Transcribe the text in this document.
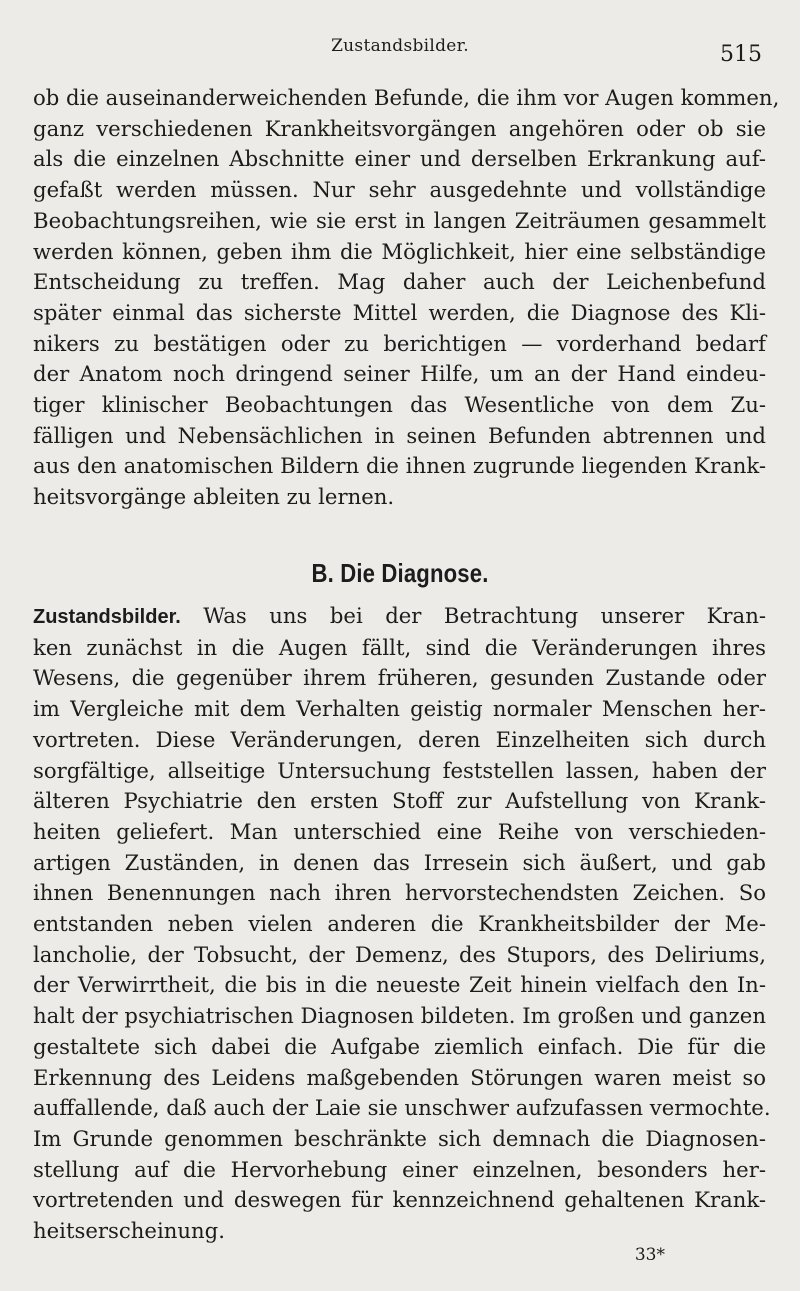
Zustandsbilder.	515
ob die auseinanderweichenden Befunde, die ihm vor Augen kommen,
ganz verschiedenen Krankheitsvorgängen angehören oder ob sie
als die einzelnen Abschnitte einer und derselben Erkrankung auf-
gefaßt werden müssen. Nur sehr ausgedehnte und vollständige
Beobachtungsreihen, wie sie erst in langen Zeiträumen gesammelt
werden können, geben ihm die Möglichkeit, hier eine selbständige
Entscheidung zu treffen. Mag daher auch der Leichenbefund
später einmal das sicherste Mittel werden, die Diagnose des Kli-
nikers zu bestätigen oder zu berichtigen — vorderhand bedarf
der Anatom noch dringend seiner Hilfe, um an der Hand eindeu-
tiger klinischer Beobachtungen das Wesentliche von dem Zu-
fälligen und Nebensächlichen in seinen Befunden abtrennen und
aus den anatomischen Bildern die ihnen zugrunde liegenden Krank-
heitsvorgänge ableiten zu lernen.
B. Die Diagnose.
Zustandsbilder. Was uns bei der Betrachtung unserer Kran-
ken zunächst in die Augen fällt, sind die Veränderungen ihres
Wesens, die gegenüber ihrem früheren, gesunden Zustande oder
im Vergleiche mit dem Verhalten geistig normaler Menschen her-
vortreten. Diese Veränderungen, deren Einzelheiten sich durch
sorgfältige, allseitige Untersuchung feststellen lassen, haben der
älteren Psychiatrie den ersten Stoff zur Aufstellung von Krank-
heiten geliefert. Man unterschied eine Reihe von verschieden-
artigen Zuständen, in denen das Irresein sich äußert, und gab
ihnen Benennungen nach ihren hervorstechendsten Zeichen. So
entstanden neben vielen anderen die Krankheitsbilder der Me-
lancholie, der Tobsucht, der Demenz, des Stupors, des Deliriums,
der Verwirrtheit, die bis in die neueste Zeit hinein vielfach den In-
halt der psychiatrischen Diagnosen bildeten. Im großen und ganzen
gestaltete sich dabei die Aufgabe ziemlich einfach. Die für die
Erkennung des Leidens maßgebenden Störungen waren meist so
auffallende, daß auch der Laie sie unschwer aufzufassen vermochte.
Im Grunde genommen beschränkte sich demnach die Diagnosen-
stellung auf die Hervorhebung einer einzelnen, besonders her-
vortretenden und deswegen für kennzeichnend gehaltenen Krank-
heitserscheinung.
33*
